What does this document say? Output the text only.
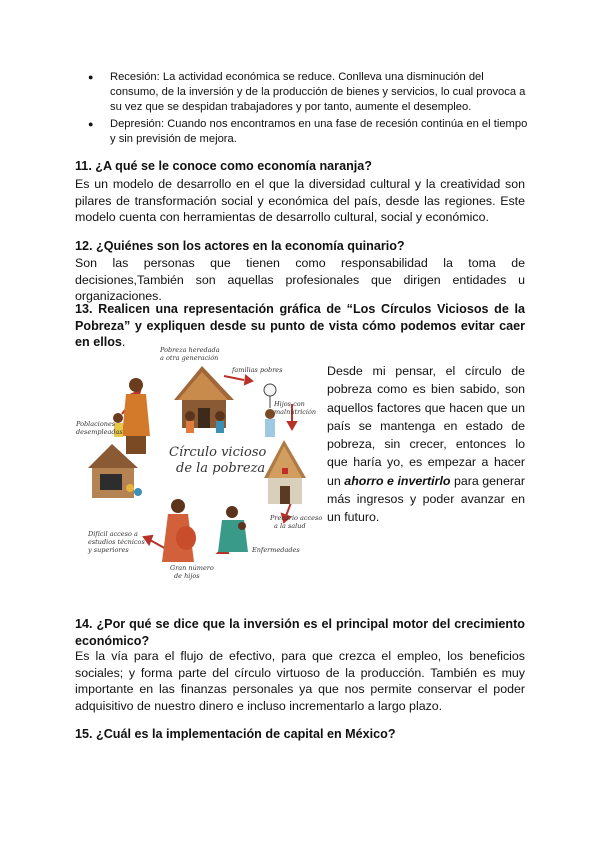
● Recesión: La actividad económica se reduce. Conlleva una disminución del consumo, de la inversión y de la producción de bienes y servicios, lo cual provoca a su vez que se despidan trabajadores y por tanto, aumente el desempleo.
● Depresión: Cuando nos encontramos en una fase de recesión continúa en el tiempo y sin previsión de mejora.

11. ¿A qué se le conoce como economía naranja?

Es un modelo de desarrollo en el que la diversidad cultural y la creatividad son pilares de transformación social y económica del país, desde las regiones. Este modelo cuenta con herramientas de desarrollo cultural, social y económico.

12. ¿Quiénes son los actores en la economía quinario?

Son las personas que tienen como responsabilidad la toma de decisiones,También son aquellas profesionales que dirigen entidades u organizaciones.

13. Realicen una representación gráfica de “Los Círculos Viciosos de la Pobreza” y expliquen desde su punto de vista cómo podemos evitar caer en ellos.

Círculo vicioso
de la pobreza
Pobreza heredada
a otra generación
familias pobres
Hijos con
malnutrición
Poblaciones
desempleadas
Precario acceso
a la salud
Enfermedades
Difícil acceso a
estudios técnicos
y superiores
Gran número
de hijos

Desde mi pensar, el círculo de pobreza como es bien sabido, son aquellos factores que hacen que un país se mantenga en estado de pobreza, sin crecer, entonces lo que haría yo, es empezar a hacer un ahorro e invertirlo para generar más ingresos y poder avanzar en un futuro.

14. ¿Por qué se dice que la inversión es el principal motor del crecimiento económico?

Es la vía para el flujo de efectivo, para que crezca el empleo, los beneficios sociales; y forma parte del círculo virtuoso de la producción. También es muy importante en las finanzas personales ya que nos permite conservar el poder adquisitivo de nuestro dinero e incluso incrementarlo a largo plazo.

15. ¿Cuál es la implementación de capital en México?
